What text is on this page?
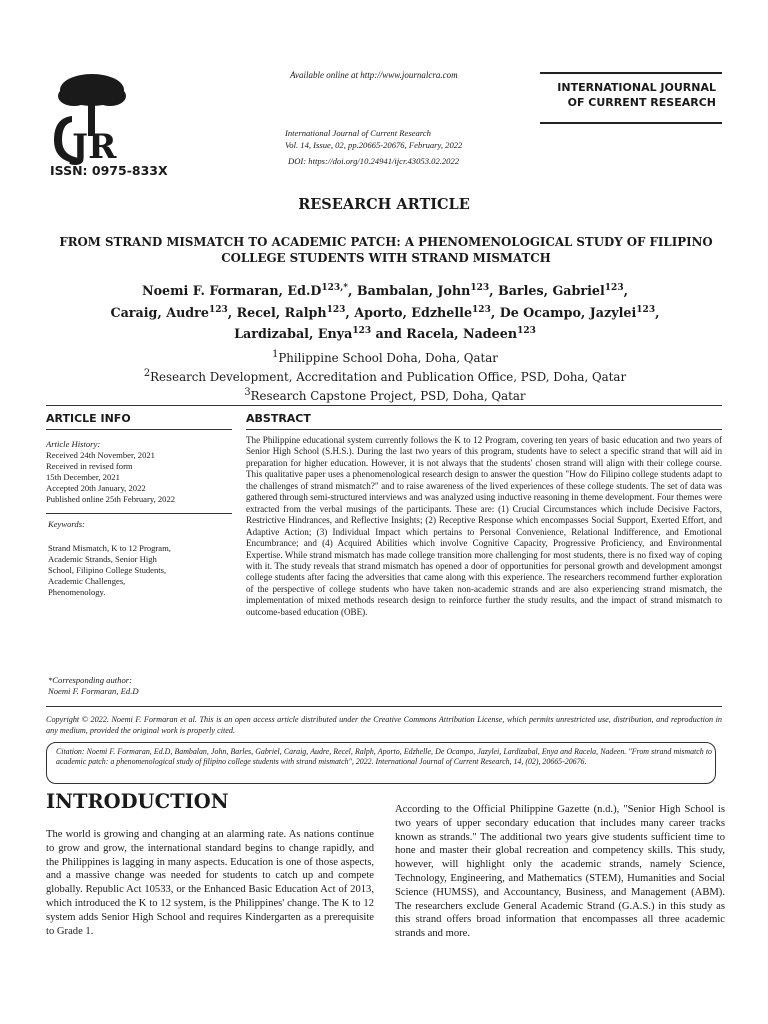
JR
ISSN: 0975-833X
Available online at http://www.journalcra.com
INTERNATIONAL JOURNAL
OF CURRENT RESEARCH
International Journal of Current Research
Vol. 14, Issue, 02, pp.20665-20676, February, 2022
DOI: https://doi.org/10.24941/ijcr.43053.02.2022
RESEARCH ARTICLE
FROM STRAND MISMATCH TO ACADEMIC PATCH: A PHENOMENOLOGICAL STUDY OF FILIPINO
COLLEGE STUDENTS WITH STRAND MISMATCH
Noemi F. Formaran, $Ed.D^{123,*}$, Bambalan, John$^{123}$, Barles, Gabriel$^{123}$,
Caraig, Audre$^{123}$, Recel, Ralph$^{123}$, Aporto, Edzhelle$^{123}$, De Ocampo, Jazylei$^{123}$,
Lardizabal, Enya$^{123}$ and Racela, Nadeen$^{123}$
$^1$Philippine School Doha, Doha, Qatar
$^2$Research Development, Accreditation and Publication Office, PSD, Doha, Qatar
$^3$Research Capstone Project, PSD, Doha, Qatar
ARTICLE INFO	ABSTRACT
Article History:
Received 24th November, 2021
Received in revised form
15th December, 2021
Accepted 20th January, 2022
Published online 25th February, 2022
Keywords:
Strand Mismatch, K to 12 Program,
Academic Strands, Senior High
School, Filipino College Students,
Academic Challenges,
Phenomenology.
*Corresponding author:
Noemi F. Formaran, Ed.D
The Philippine educational system currently follows the K to 12 Program, covering ten years of basic education and two years of Senior High School (S.H.S.). During the last two years of this program, students have to select a specific strand that will aid in preparation for higher education. However, it is not always that the students' chosen strand will align with their college course. This qualitative paper uses a phenomenological research design to answer the question "How do Filipino college students adapt to the challenges of strand mismatch?" and to raise awareness of the lived experiences of these college students. The set of data was gathered through semi-structured interviews and was analyzed using inductive reasoning in theme development. Four themes were extracted from the verbal musings of the participants. These are: (1) Crucial Circumstances which include Decisive Factors, Restrictive Hindrances, and Reflective Insights; (2) Receptive Response which encompasses Social Support, Exerted Effort, and Adaptive Action; (3) Individual Impact which pertains to Personal Convenience, Relational Indifference, and Emotional Encumbrance; and (4) Acquired Abilities which involve Cognitive Capacity, Progressive Proficiency, and Environmental Expertise. While strand mismatch has made college transition more challenging for most students, there is no fixed way of coping with it. The study reveals that strand mismatch has opened a door of opportunities for personal growth and development amongst college students after facing the adversities that came along with this experience. The researchers recommend further exploration of the perspective of college students who have taken non-academic strands and are also experiencing strand mismatch, the implementation of mixed methods research design to reinforce further the study results, and the impact of strand mismatch to outcome-based education (OBE).
Copyright © 2022. Noemi F. Formaran et al. This is an open access article distributed under the Creative Commons Attribution License, which permits unrestricted use, distribution, and reproduction in any medium, provided the original work is properly cited.
Citation: Noemi F. Formaran, Ed.D, Bambalan, John, Barles, Gabriel, Caraig, Audre, Recel, Ralph, Aporto, Edzhelle, De Ocampo, Jazylei, Lardizabal, Enya and Racela, Nadeen. "From strand mismatch to academic patch: a phenomenological study of filipino college students with strand mismatch", 2022. International Journal of Current Research, 14, (02), 20665-20676.
INTRODUCTION
The world is growing and changing at an alarming rate. As nations continue to grow and grow, the international standard begins to change rapidly, and the Philippines is lagging in many aspects. Education is one of those aspects, and a massive change was needed for students to catch up and compete globally. Republic Act 10533, or the Enhanced Basic Education Act of 2013, which introduced the K to 12 system, is the Philippines' change. The K to 12 system adds Senior High School and requires Kindergarten as a prerequisite to Grade 1.
According to the Official Philippine Gazette (n.d.), "Senior High School is two years of upper secondary education that includes many career tracks known as strands." The additional two years give students sufficient time to hone and master their global recreation and competency skills. This study, however, will highlight only the academic strands, namely Science, Technology, Engineering, and Mathematics (STEM), Humanities and Social Science (HUMSS), and Accountancy, Business, and Management (ABM). The researchers exclude General Academic Strand (G.A.S.) in this study as this strand offers broad information that encompasses all three academic strands and more.
